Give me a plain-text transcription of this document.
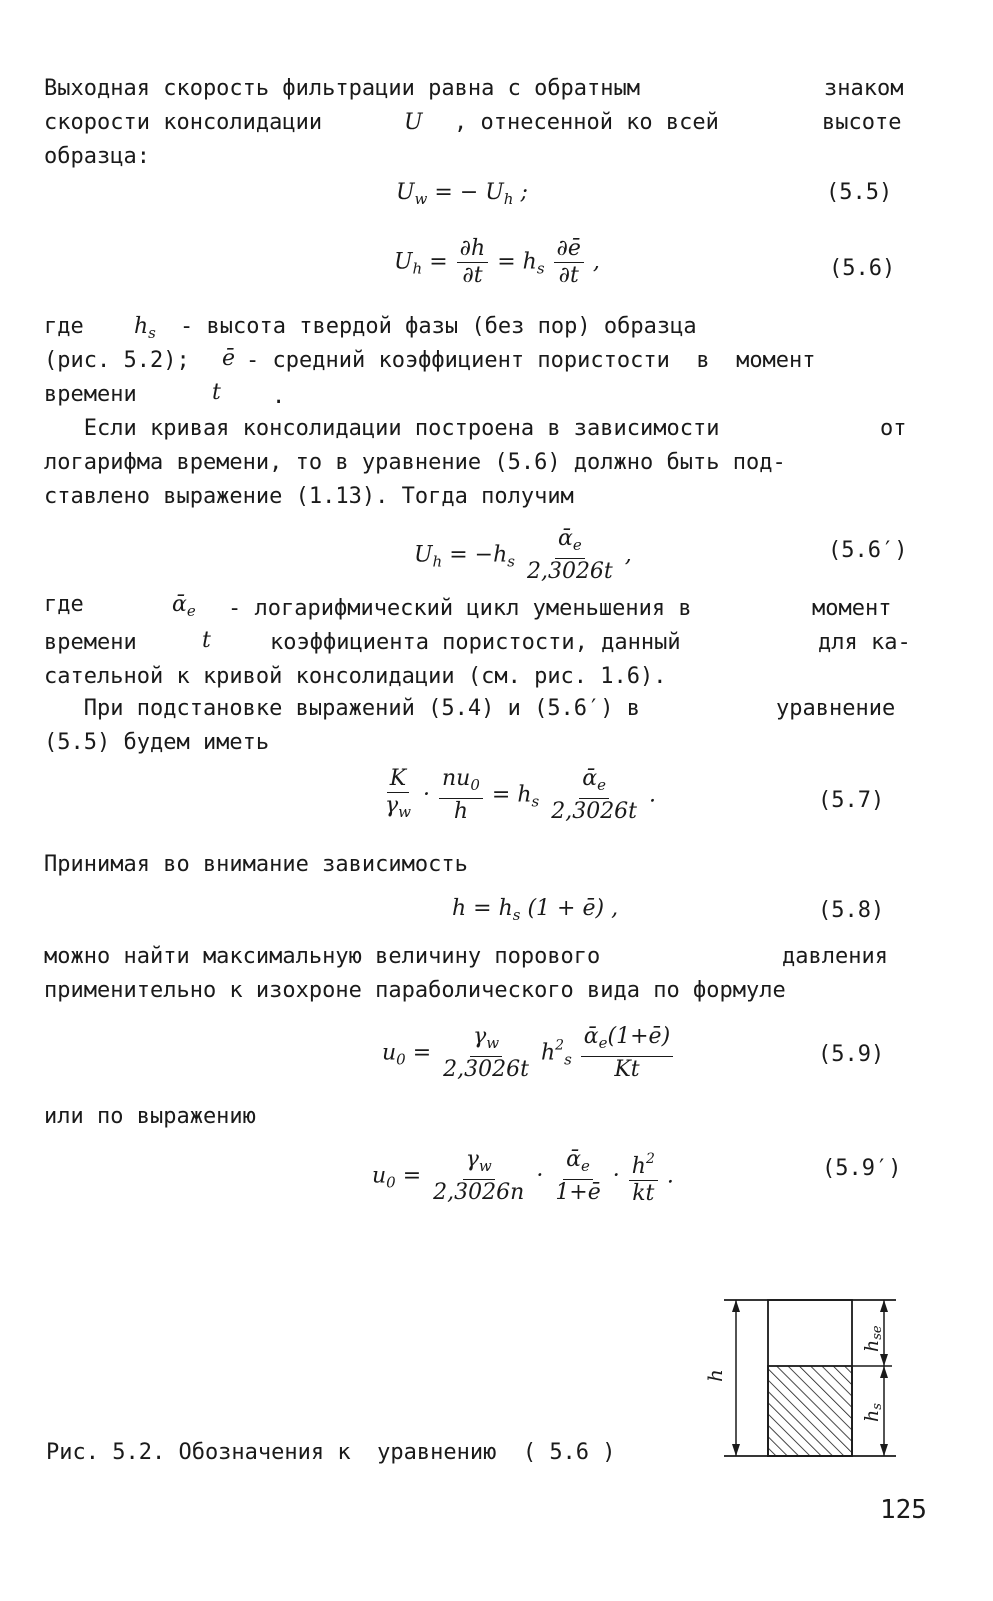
Выходная скорость фильтрации равна с обратным	знаком
скорости консолидации	U , отнесенной ко всей	высоте
образца:
$U_w$ = − $U_h$ ;	(5.5)
$U_h = \frac{\partial h}{\partial t} = h_s \frac{\partial ē}{\partial t}$ ,	(5.6)
где $h_s$ - высота твердой фазы (без пор) образца
(рис. 5.2); ē - средний коэффициент пористости  в  момент
времени	t .
Если кривая консолидации построена в зависимости	от
логарифма времени, то в уравнение (5.6) должно быть под-
ставлено выражение (1.13). Тогда получим
$U_h = -h_s \frac{ᾱ_e}{2,3026t}$ ,	(5.6′)
где	ᾱ$_e$ - логарифмический цикл уменьшения в	момент
времени	t	коэффициента пористости, данный	для ка-
сательной к кривой консолидации (см. рис. 1.6).
При подстановке выражений (5.4) и (5.6′) в	уравнение
(5.5) будем иметь
$\frac{K}{\gamma_w} \cdot \frac{nu_0}{h} = h_s \frac{ᾱ_e}{2,3026t}$ .	(5.7)
Принимая во внимание зависимость
$h = h_s$ (1 + ē) ,	(5.8)
можно найти максимальную величину порового	давления
применительно к изохроне параболического вида по формуле
$u_0 = \frac{\gamma_w}{2,3026t} h^2_s \frac{ᾱ_e(1+ē)}{Kt}$	(5.9)
или по выражению
$u_0 = \frac{\gamma_w}{2,3026n} \cdot \frac{ᾱ_e}{1+ē} \cdot \frac{h^2}{kt}$ .	(5.9′)
h
hse
hs
Рис. 5.2. Обозначения к  уравнению  ( 5.6 )
125
